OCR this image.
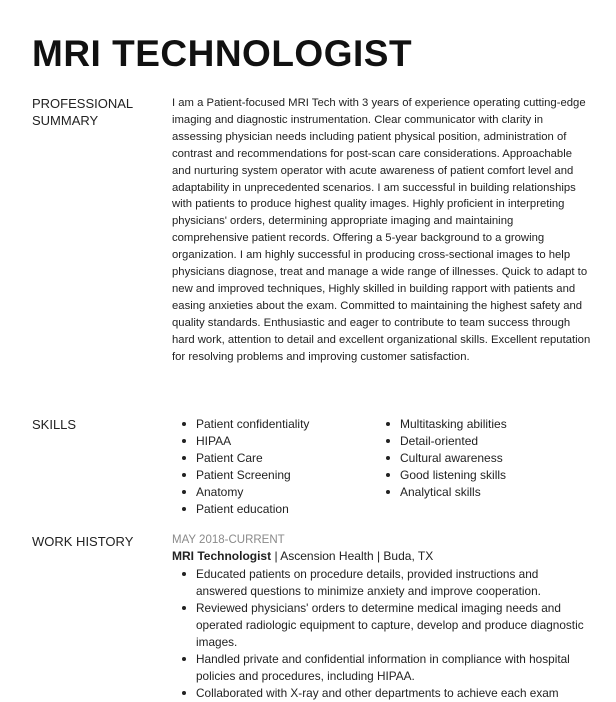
MRI TECHNOLOGIST
PROFESSIONAL
SUMMARY

I am a Patient-focused MRI Tech with 3 years of experience operating cutting-edge imaging and diagnostic instrumentation. Clear communicator with clarity in assessing physician needs including patient physical position, administration of contrast and recommendations for post-scan care considerations. Approachable and nurturing system operator with acute awareness of patient comfort level and adaptability in unprecedented scenarios. I am successful in building relationships with patients to produce highest quality images. Highly proficient in interpreting physicians' orders, determining appropriate imaging and maintaining comprehensive patient records. Offering a 5-year background to a growing organization. I am highly successful in producing cross-sectional images to help physicians diagnose, treat and manage a wide range of illnesses. Quick to adapt to new and improved techniques, Highly skilled in building rapport with patients and easing anxieties about the exam. Committed to maintaining the highest safety and quality standards. Enthusiastic and eager to contribute to team success through hard work, attention to detail and excellent organizational skills. Excellent reputation for resolving problems and improving customer satisfaction.

SKILLS	Patient confidentiality
HIPAA
Patient Care
Patient Screening
Anatomy
Patient education
Multitasking abilities
Detail-oriented
Cultural awareness
Good listening skills
Analytical skills
WORK HISTORY	MAY 2018-CURRENT
MRI Technologist | Ascension Health | Buda, TX
Educated patients on procedure details, provided instructions and answered questions to minimize anxiety and improve cooperation.
Reviewed physicians' orders to determine medical imaging needs and operated radiologic equipment to capture, develop and produce diagnostic images.
Handled private and confidential information in compliance with hospital policies and procedures, including HIPAA.
Collaborated with X-ray and other departments to achieve each exam
